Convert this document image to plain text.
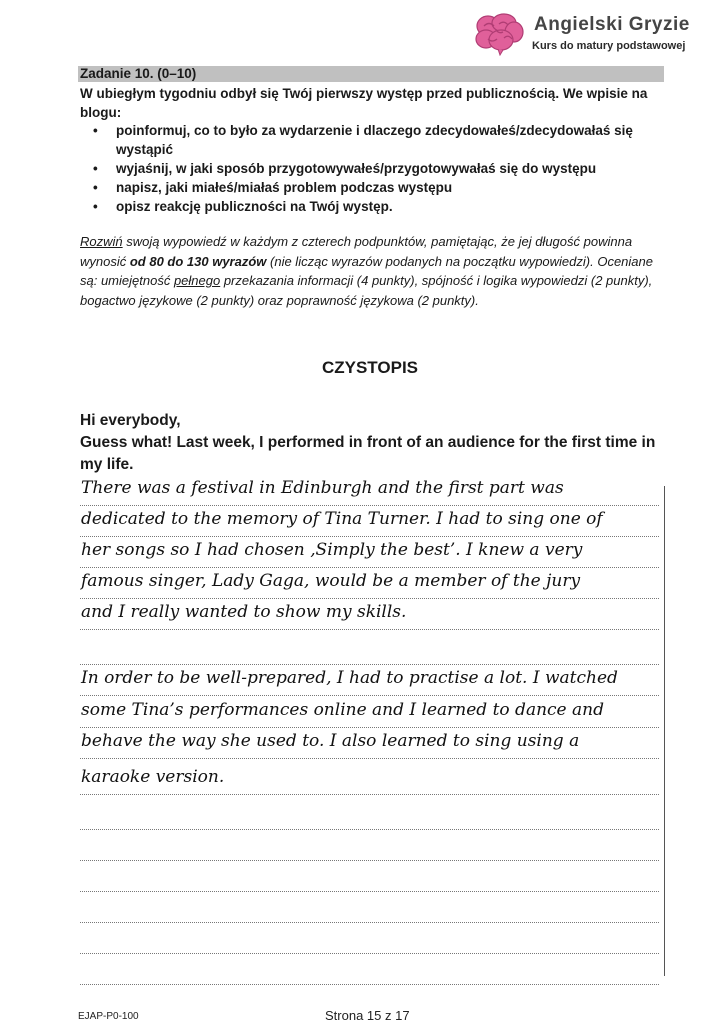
Angielski Gryzie
Kurs do matury podstawowej
Zadanie 10. (0–10)

W ubiegłym tygodniu odbył się Twój pierwszy występ przed publicznością. We wpisie na blogu:

• poinformuj, co to było za wydarzenie i dlaczego zdecydowałeś/zdecydowałaś się wystąpić
• wyjaśnij, w jaki sposób przygotowywałeś/przygotowywałaś się do występu
• napisz, jaki miałeś/miałaś problem podczas występu
• opisz reakcję publiczności na Twój występ.

Rozwiń swoją wypowiedź w każdym z czterech podpunktów, pamiętając, że jej długość powinna wynosić od 80 do 130 wyrazów (nie licząc wyrazów podanych na początku wypowiedzi). Oceniane są: umiejętność pełnego przekazania informacji (4 punkty), spójność i logika wypowiedzi (2 punkty), bogactwo językowe (2 punkty) oraz poprawność językowa (2 punkty).

CZYSTOPIS

Hi everybody,
Guess what! Last week, I performed in front of an audience for the first time in my life.

There was a festival in Edinburgh and the first part was
dedicated to the memory of Tina Turner. I had to sing one of
her songs so I had chosen ‚Simply the best’. I knew a very
famous singer, Lady Gaga, would be a member of the jury
and I really wanted to show my skills.
In order to be well-prepared, I had to practise a lot. I watched
some Tina’s performances online and I learned to dance and
behave the way she used to. I also learned to sing using a
karaoke version.
EJAP-P0-100	Strona 15 z 17
